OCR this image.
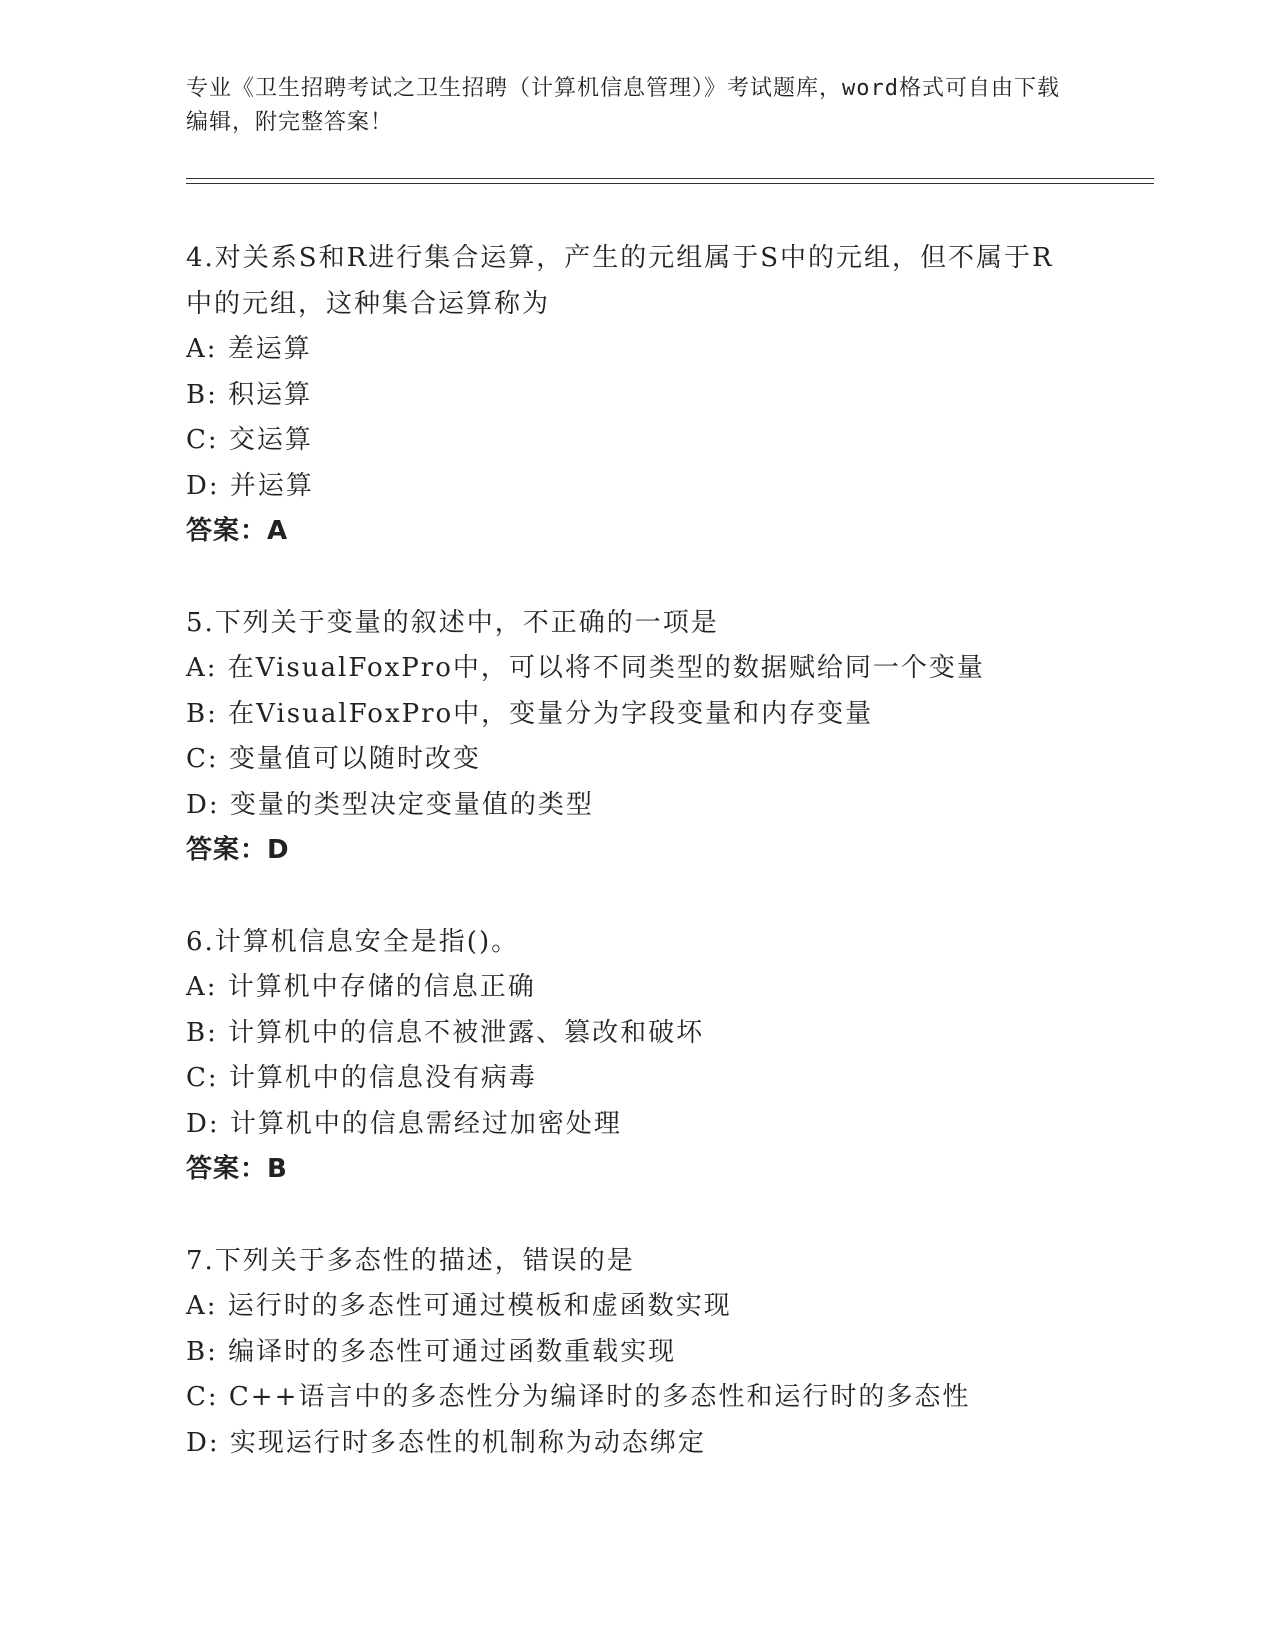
专业《卫生招聘考试之卫生招聘（计算机信息管理）》考试题库，word格式可自由下载编辑，附完整答案！
4.对关系S和R进行集合运算，产生的元组属于S中的元组，但不属于R中的元组，这种集合运算称为
A: 差运算
B: 积运算
C: 交运算
D: 并运算
答案：A
5.下列关于变量的叙述中，不正确的一项是
A: 在VisualFoxPro中，可以将不同类型的数据赋给同一个变量
B: 在VisualFoxPro中，变量分为字段变量和内存变量
C: 变量值可以随时改变
D: 变量的类型决定变量值的类型
答案：D
6.计算机信息安全是指()。
A: 计算机中存储的信息正确
B: 计算机中的信息不被泄露、篡改和破坏
C: 计算机中的信息没有病毒
D: 计算机中的信息需经过加密处理
答案：B
7.下列关于多态性的描述，错误的是
A: 运行时的多态性可通过模板和虚函数实现
B: 编译时的多态性可通过函数重载实现
C: C++语言中的多态性分为编译时的多态性和运行时的多态性
D: 实现运行时多态性的机制称为动态绑定
